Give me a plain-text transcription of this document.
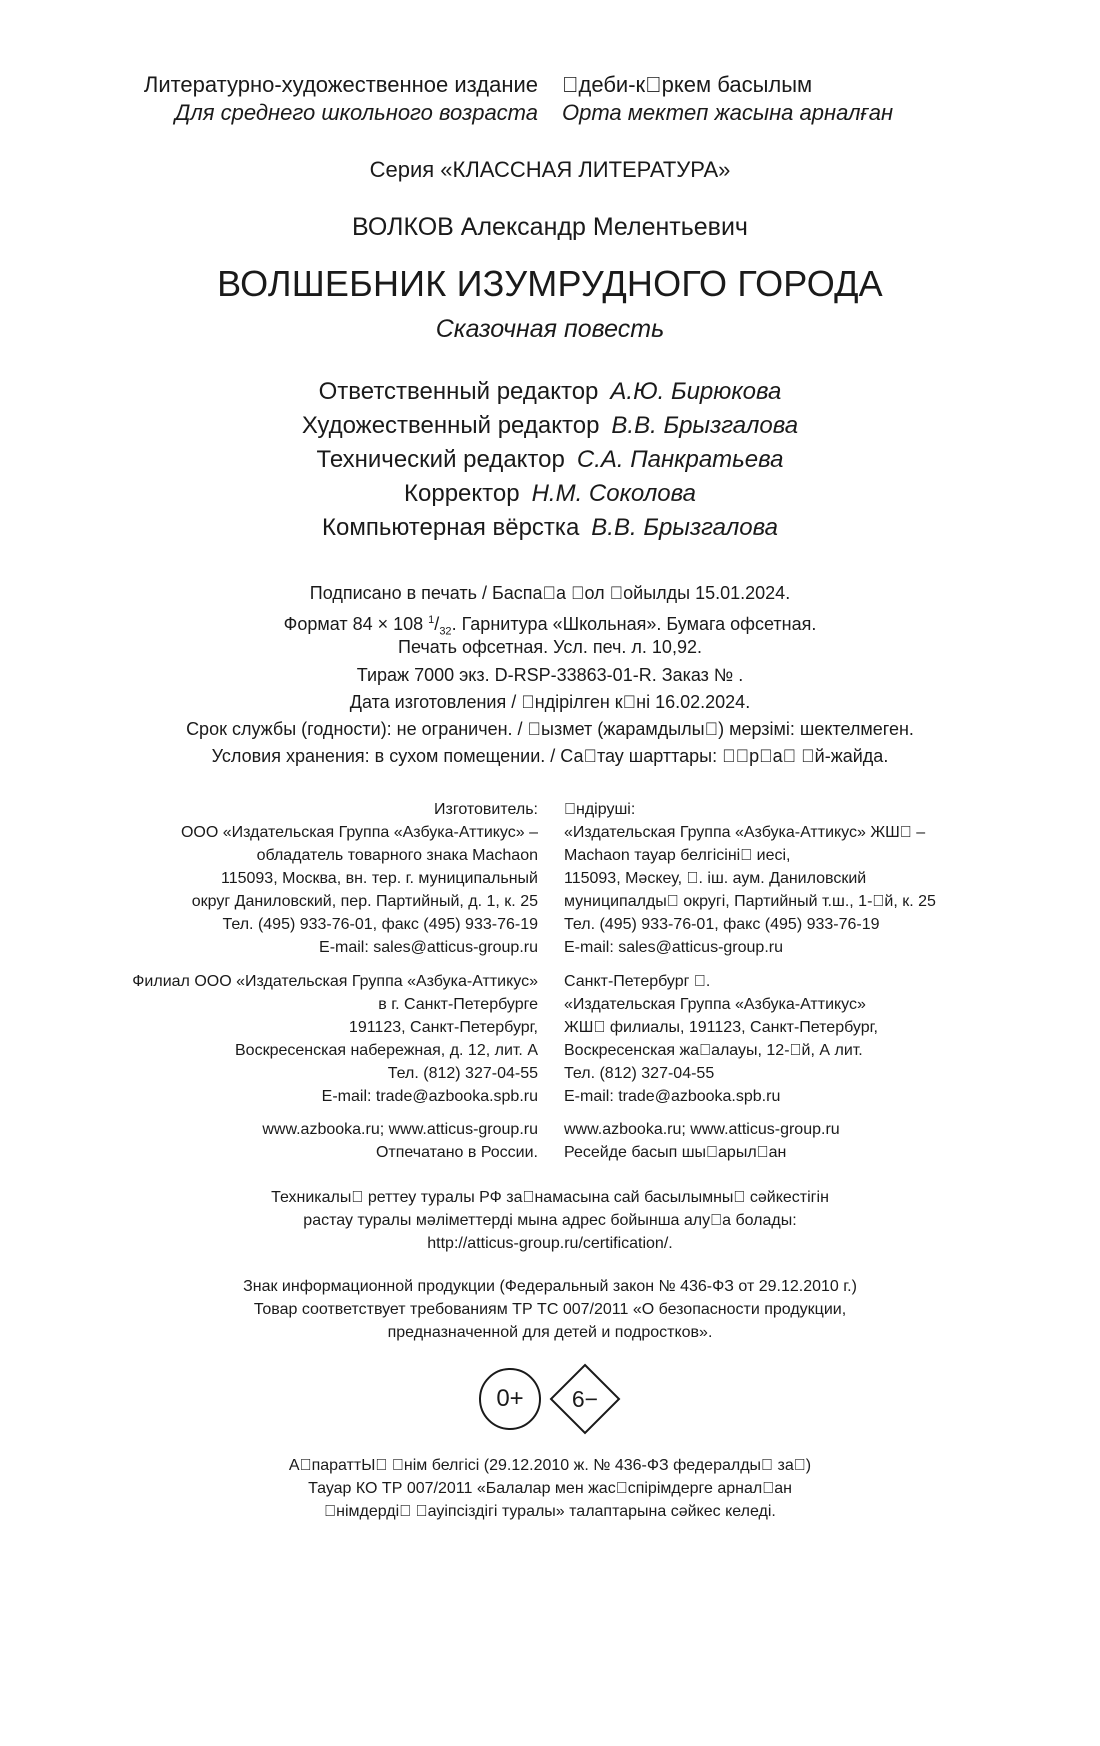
Литературно-художественное издание
Для среднего школьного возраста
 деби-к ркем басылым
Орта мектеп жасына арналған
Серия «КЛАССНАЯ ЛИТЕРАТУРА»
ВОЛКОВ Александр Мелентьевич
ВОЛШЕБНИК ИЗУМРУДНОГО ГОРОДА
Сказочная повесть
Ответственный редактор А.Ю. Бирюкова
Художественный редактор В.В. Брызгалова
Технический редактор С.А. Панкратьева
Корректор Н.М. Соколова
Компьютерная вёрстка В.В. Брызгалова
Подписано в печать / Баспа а  ол  ойылды 15.01.2024.
Формат 84 × 108 $^1/_{32}$. Гарнитура «Школьная». Бумага офсетная.
Печать офсетная. Усл. печ. л. 10,92.
Тираж 7000 экз. D-RSP-33863-01-R. Заказ № .
Дата изготовления /  ндірілген к ні 16.02.2024.
Срок службы (годности): не ограничен. /  ызмет (жарамдылы ) мерзімі: шектелмеген.
Условия хранения: в сухом помещении. / Са тау шарттары:   р а   й-жайда.
Изготовитель:
ООО «Издательская Группа «Азбука-Аттикус» –
обладатель товарного знака Machaon
115093, Москва, вн. тер. г. муниципальный
округ Даниловский, пер. Партийный, д. 1, к. 25
Тел. (495) 933-76-01, факс (495) 933-76-19
E-mail: sales@atticus-group.ru
 ндіруші:
«Издательская Группа «Азбука-Аттикус» ЖШ  –
Machaon тауар белгісіні  иесі,
115093, Мәскеу,  . іш. аум. Даниловский
муниципалды  округі, Партийный т.ш., 1- й, к. 25
Тел. (495) 933-76-01, факс (495) 933-76-19
E-mail: sales@atticus-group.ru
Филиал ООО «Издательская Группа «Азбука-Аттикус»
в г. Санкт-Петербурге
191123, Санкт-Петербург,
Воскресенская набережная, д. 12, лит. А
Тел. (812) 327-04-55
E-mail: trade@azbooka.spb.ru
Санкт-Петербург  .
«Издательская Группа «Азбука-Аттикус»
ЖШ  филиалы, 191123, Санкт-Петербург,
Воскресенская жа алауы, 12- й, А лит.
Тел. (812) 327-04-55
E-mail: trade@azbooka.spb.ru
www.azbooka.ru; www.atticus-group.ru
Отпечатано в России.
www.azbooka.ru; www.atticus-group.ru
Ресейде басып шы арыл ан
Техникалы  реттеу туралы РФ за намасына сай басылымны  сәйкестігін
растау туралы мәліметтерді мына адрес бойынша алу а болады:
http://atticus-group.ru/certification/.
Знак информационной продукции (Федеральный закон № 436-ФЗ от 29.12.2010 г.)
Товар соответствует требованиям ТР ТС 007/2011 «О безопасности продукции,
предназначенной для детей и подростков».
0+ 6−
А параттЫ   нім белгісі (29.12.2010 ж. № 436-ФЗ федералды  за )
Тауар КО ТР 007/2011 «Балалар мен жас спірімдерге арнал ан
 німдерді   ауіпсіздігі туралы» талаптарына сәйкес келеді.
